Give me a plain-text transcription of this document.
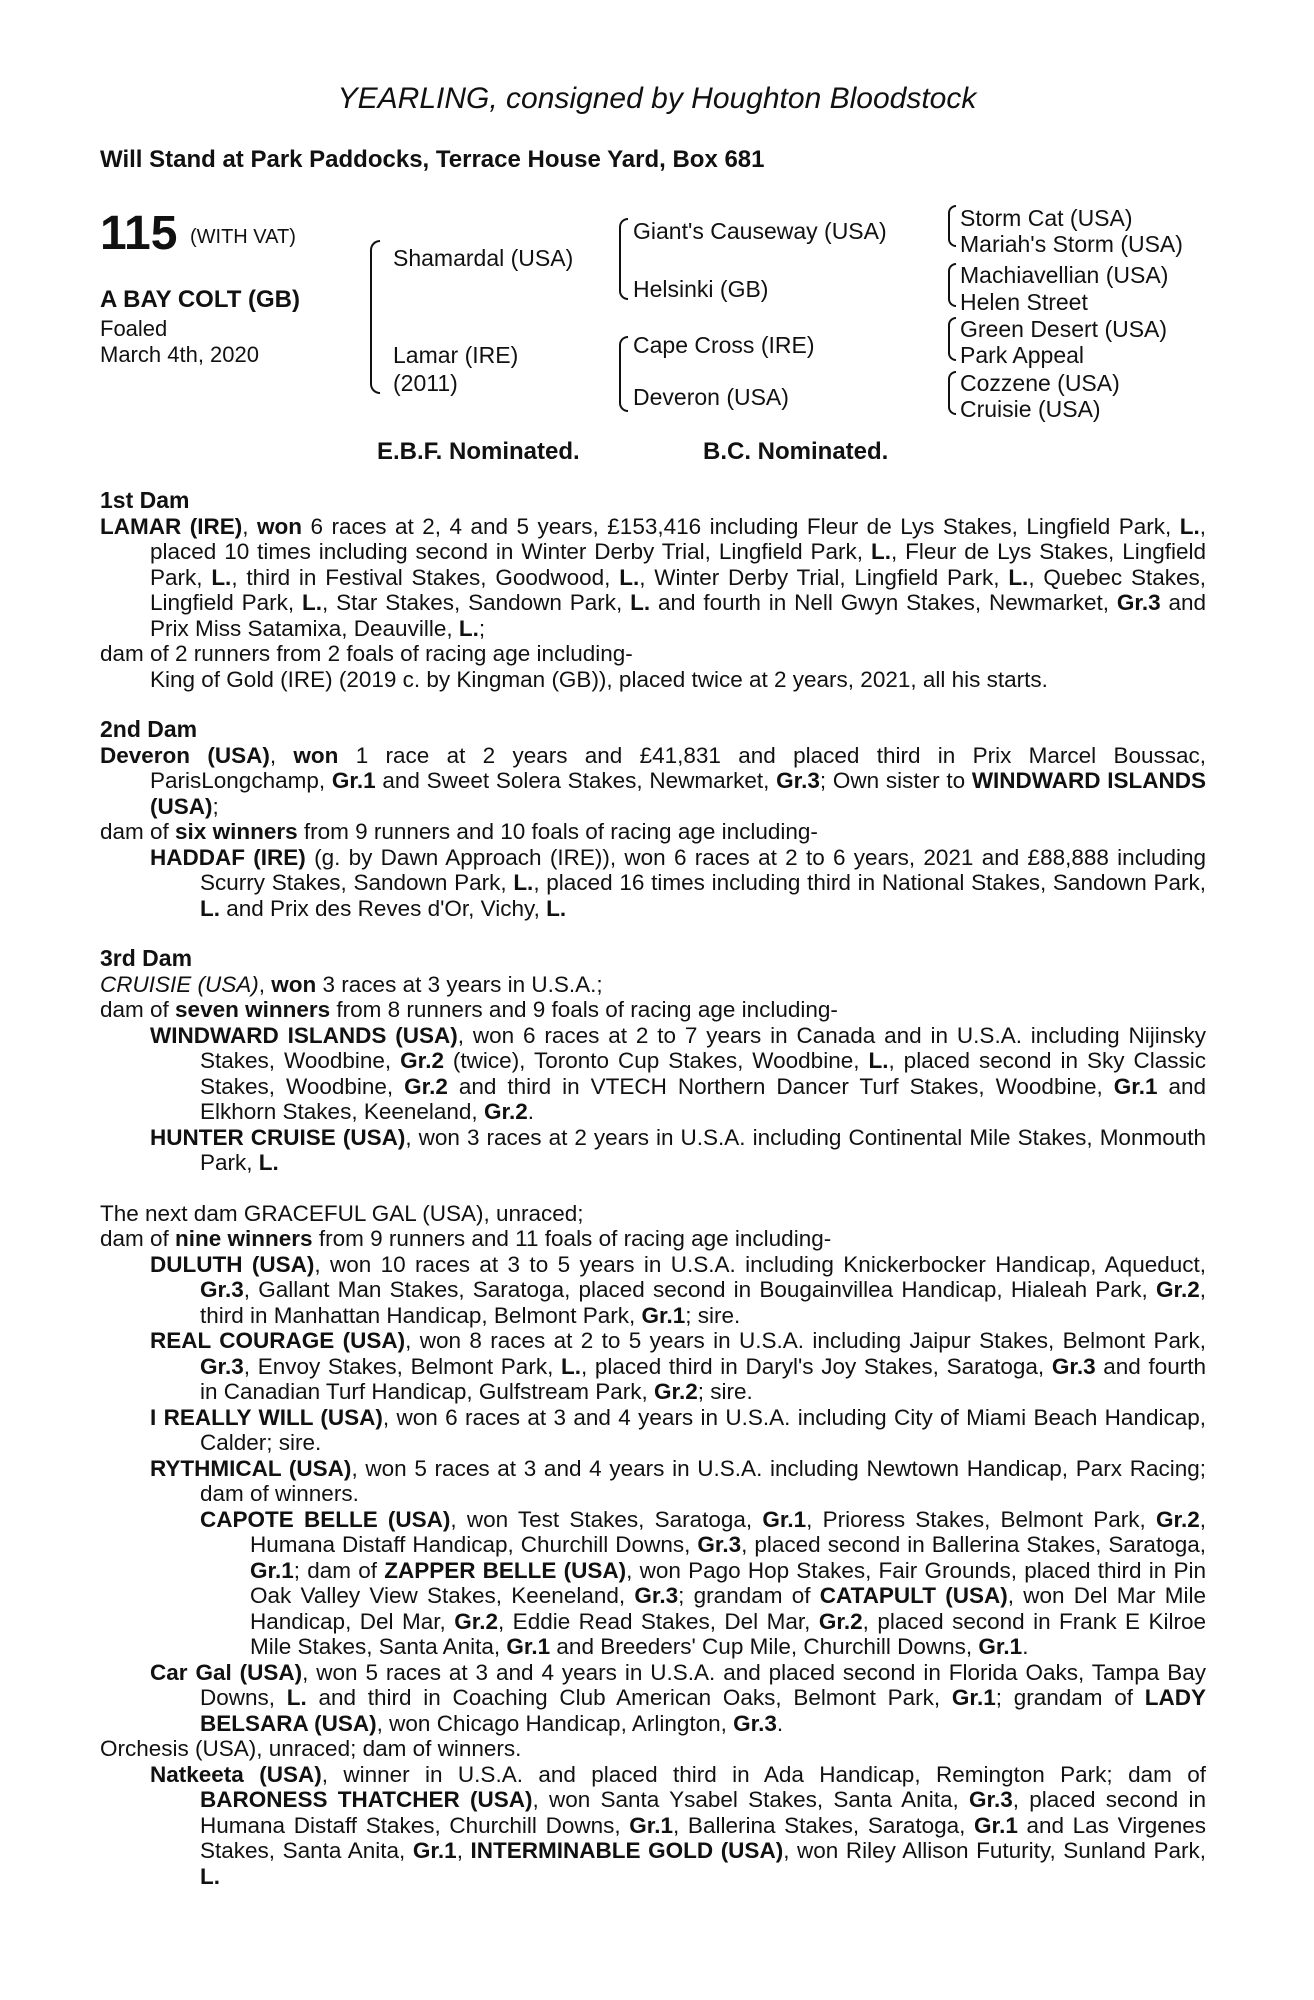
YEARLING, consigned by Houghton Bloodstock
Will Stand at Park Paddocks, Terrace House Yard, Box 681
115 (WITH VAT)
A BAY COLT (GB)
Foaled
March 4th, 2020
Shamardal (USA)
Lamar (IRE)
(2011)
Giant's Causeway (USA)
Helsinki (GB)
Cape Cross (IRE)
Deveron (USA)
Storm Cat (USA)
Mariah's Storm (USA)
Machiavellian (USA)
Helen Street
Green Desert (USA)
Park Appeal
Cozzene (USA)
Cruisie (USA)
E.B.F. Nominated.	B.C. Nominated.
1st Dam

LAMAR (IRE), won 6 races at 2, 4 and 5 years, £153,416 including Fleur de Lys Stakes, Lingfield Park, L., placed 10 times including second in Winter Derby Trial, Lingfield Park, L., Fleur de Lys Stakes, Lingfield Park, L., third in Festival Stakes, Goodwood, L., Winter Derby Trial, Lingfield Park, L., Quebec Stakes, Lingfield Park, L., Star Stakes, Sandown Park, L. and fourth in Nell Gwyn Stakes, Newmarket, Gr.3 and Prix Miss Satamixa, Deauville, L.;

dam of 2 runners from 2 foals of racing age including-

King of Gold (IRE) (2019 c. by Kingman (GB)), placed twice at 2 years, 2021, all his starts.

2nd Dam

Deveron (USA), won 1 race at 2 years and £41,831 and placed third in Prix Marcel Boussac, ParisLongchamp, Gr.1 and Sweet Solera Stakes, Newmarket, Gr.3; Own sister to WINDWARD ISLANDS (USA);

dam of six winners from 9 runners and 10 foals of racing age including-

HADDAF (IRE) (g. by Dawn Approach (IRE)), won 6 races at 2 to 6 years, 2021 and £88,888 including Scurry Stakes, Sandown Park, L., placed 16 times including third in National Stakes, Sandown Park, L. and Prix des Reves d'Or, Vichy, L.

3rd Dam

CRUISIE (USA), won 3 races at 3 years in U.S.A.;

dam of seven winners from 8 runners and 9 foals of racing age including-

WINDWARD ISLANDS (USA), won 6 races at 2 to 7 years in Canada and in U.S.A. including Nijinsky Stakes, Woodbine, Gr.2 (twice), Toronto Cup Stakes, Woodbine, L., placed second in Sky Classic Stakes, Woodbine, Gr.2 and third in VTECH Northern Dancer Turf Stakes, Woodbine, Gr.1 and Elkhorn Stakes, Keeneland, Gr.2.

HUNTER CRUISE (USA), won 3 races at 2 years in U.S.A. including Continental Mile Stakes, Monmouth Park, L.

The next dam GRACEFUL GAL (USA), unraced;

dam of nine winners from 9 runners and 11 foals of racing age including-

DULUTH (USA), won 10 races at 3 to 5 years in U.S.A. including Knickerbocker Handicap, Aqueduct, Gr.3, Gallant Man Stakes, Saratoga, placed second in Bougainvillea Handicap, Hialeah Park, Gr.2, third in Manhattan Handicap, Belmont Park, Gr.1; sire.

REAL COURAGE (USA), won 8 races at 2 to 5 years in U.S.A. including Jaipur Stakes, Belmont Park, Gr.3, Envoy Stakes, Belmont Park, L., placed third in Daryl's Joy Stakes, Saratoga, Gr.3 and fourth in Canadian Turf Handicap, Gulfstream Park, Gr.2; sire.

I REALLY WILL (USA), won 6 races at 3 and 4 years in U.S.A. including City of Miami Beach Handicap, Calder; sire.

RYTHMICAL (USA), won 5 races at 3 and 4 years in U.S.A. including Newtown Handicap, Parx Racing; dam of winners.

CAPOTE BELLE (USA), won Test Stakes, Saratoga, Gr.1, Prioress Stakes, Belmont Park, Gr.2, Humana Distaff Handicap, Churchill Downs, Gr.3, placed second in Ballerina Stakes, Saratoga, Gr.1; dam of ZAPPER BELLE (USA), won Pago Hop Stakes, Fair Grounds, placed third in Pin Oak Valley View Stakes, Keeneland, Gr.3; grandam of CATAPULT (USA), won Del Mar Mile Handicap, Del Mar, Gr.2, Eddie Read Stakes, Del Mar, Gr.2, placed second in Frank E Kilroe Mile Stakes, Santa Anita, Gr.1 and Breeders' Cup Mile, Churchill Downs, Gr.1.

Car Gal (USA), won 5 races at 3 and 4 years in U.S.A. and placed second in Florida Oaks, Tampa Bay Downs, L. and third in Coaching Club American Oaks, Belmont Park, Gr.1; grandam of LADY BELSARA (USA), won Chicago Handicap, Arlington, Gr.3.

Orchesis (USA), unraced; dam of winners.

Natkeeta (USA), winner in U.S.A. and placed third in Ada Handicap, Remington Park; dam of BARONESS THATCHER (USA), won Santa Ysabel Stakes, Santa Anita, Gr.3, placed second in Humana Distaff Stakes, Churchill Downs, Gr.1, Ballerina Stakes, Saratoga, Gr.1 and Las Virgenes Stakes, Santa Anita, Gr.1, INTERMINABLE GOLD (USA), won Riley Allison Futurity, Sunland Park, L.
